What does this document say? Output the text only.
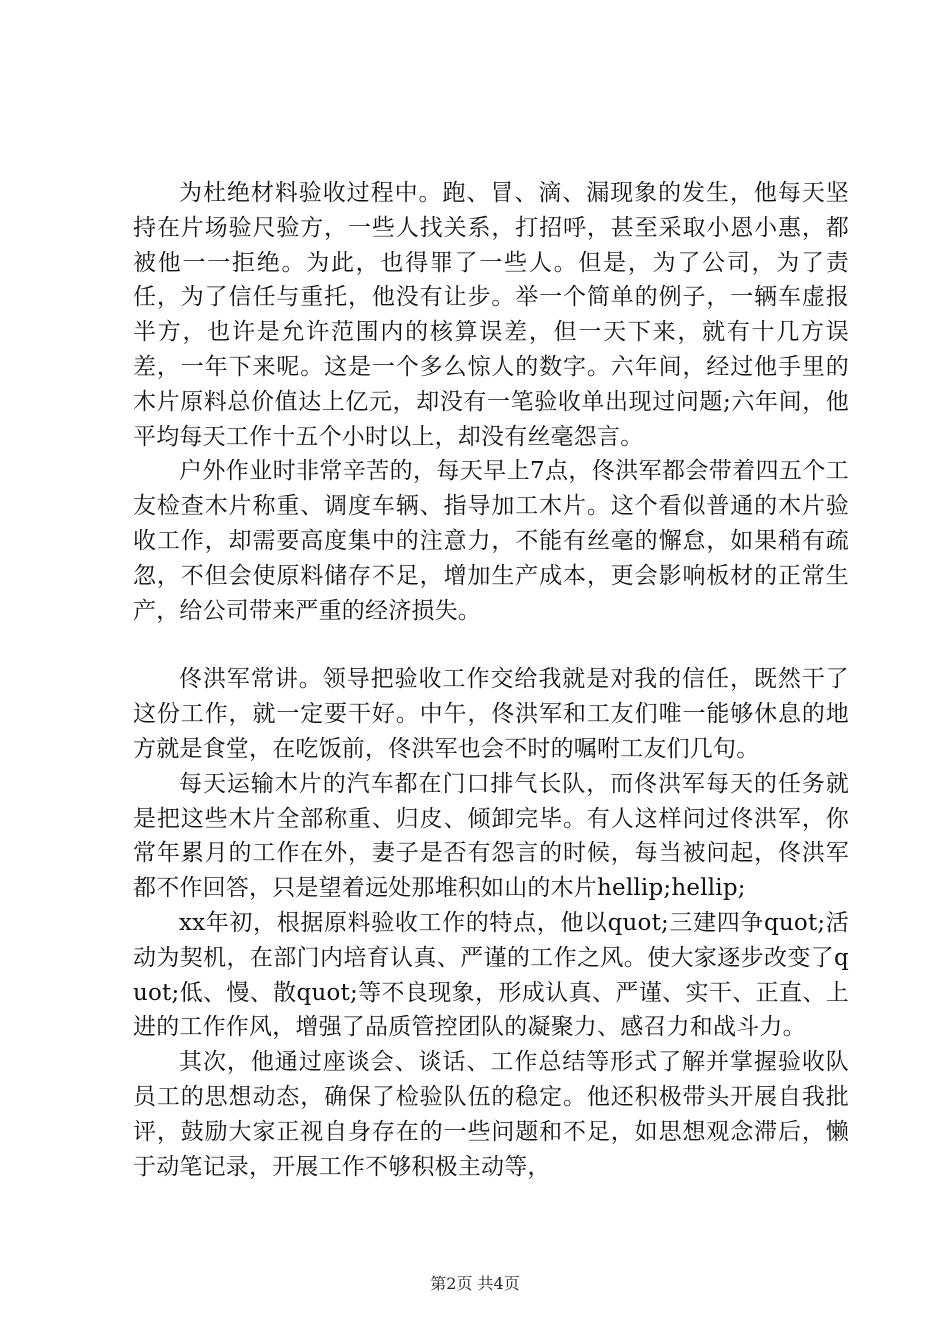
为杜绝材料验收过程中。跑、冒、滴、漏现象的发生，他每天坚持在片场验尺验方，一些人找关系，打招呼，甚至采取小恩小惠，都被他一一拒绝。为此，也得罪了一些人。但是，为了公司，为了责任，为了信任与重托，他没有让步。举一个简单的例子，一辆车虚报半方，也许是允许范围内的核算误差，但一天下来，就有十几方误差，一年下来呢。这是一个多么惊人的数字。六年间，经过他手里的木片原料总价值达上亿元，却没有一笔验收单出现过问题;六年间，他平均每天工作十五个小时以上，却没有丝毫怨言。

户外作业时非常辛苦的，每天早上7点，佟洪军都会带着四五个工友检查木片称重、调度车辆、指导加工木片。这个看似普通的木片验收工作，却需要高度集中的注意力，不能有丝毫的懈怠，如果稍有疏忽，不但会使原料储存不足，增加生产成本，更会影响板材的正常生产，给公司带来严重的经济损失。

佟洪军常讲。领导把验收工作交给我就是对我的信任，既然干了这份工作，就一定要干好。中午，佟洪军和工友们唯一能够休息的地方就是食堂，在吃饭前，佟洪军也会不时的嘱咐工友们几句。

每天运输木片的汽车都在门口排气长队，而佟洪军每天的任务就是把这些木片全部称重、归皮、倾卸完毕。有人这样问过佟洪军，你常年累月的工作在外，妻子是否有怨言的时候，每当被问起，佟洪军都不作回答，只是望着远处那堆积如山的木片hellip;hellip;

xx年初，根据原料验收工作的特点，他以quot;三建四争quot;活动为契机，在部门内培育认真、严谨的工作之风。使大家逐步改变了quot;低、慢、散quot;等不良现象，形成认真、严谨、实干、正直、上进的工作作风，增强了品质管控团队的凝聚力、感召力和战斗力。

其次，他通过座谈会、谈话、工作总结等形式了解并掌握验收队员工的思想动态，确保了检验队伍的稳定。他还积极带头开展自我批评，鼓励大家正视自身存在的一些问题和不足，如思想观念滞后，懒于动笔记录，开展工作不够积极主动等，

第2页 共4页
